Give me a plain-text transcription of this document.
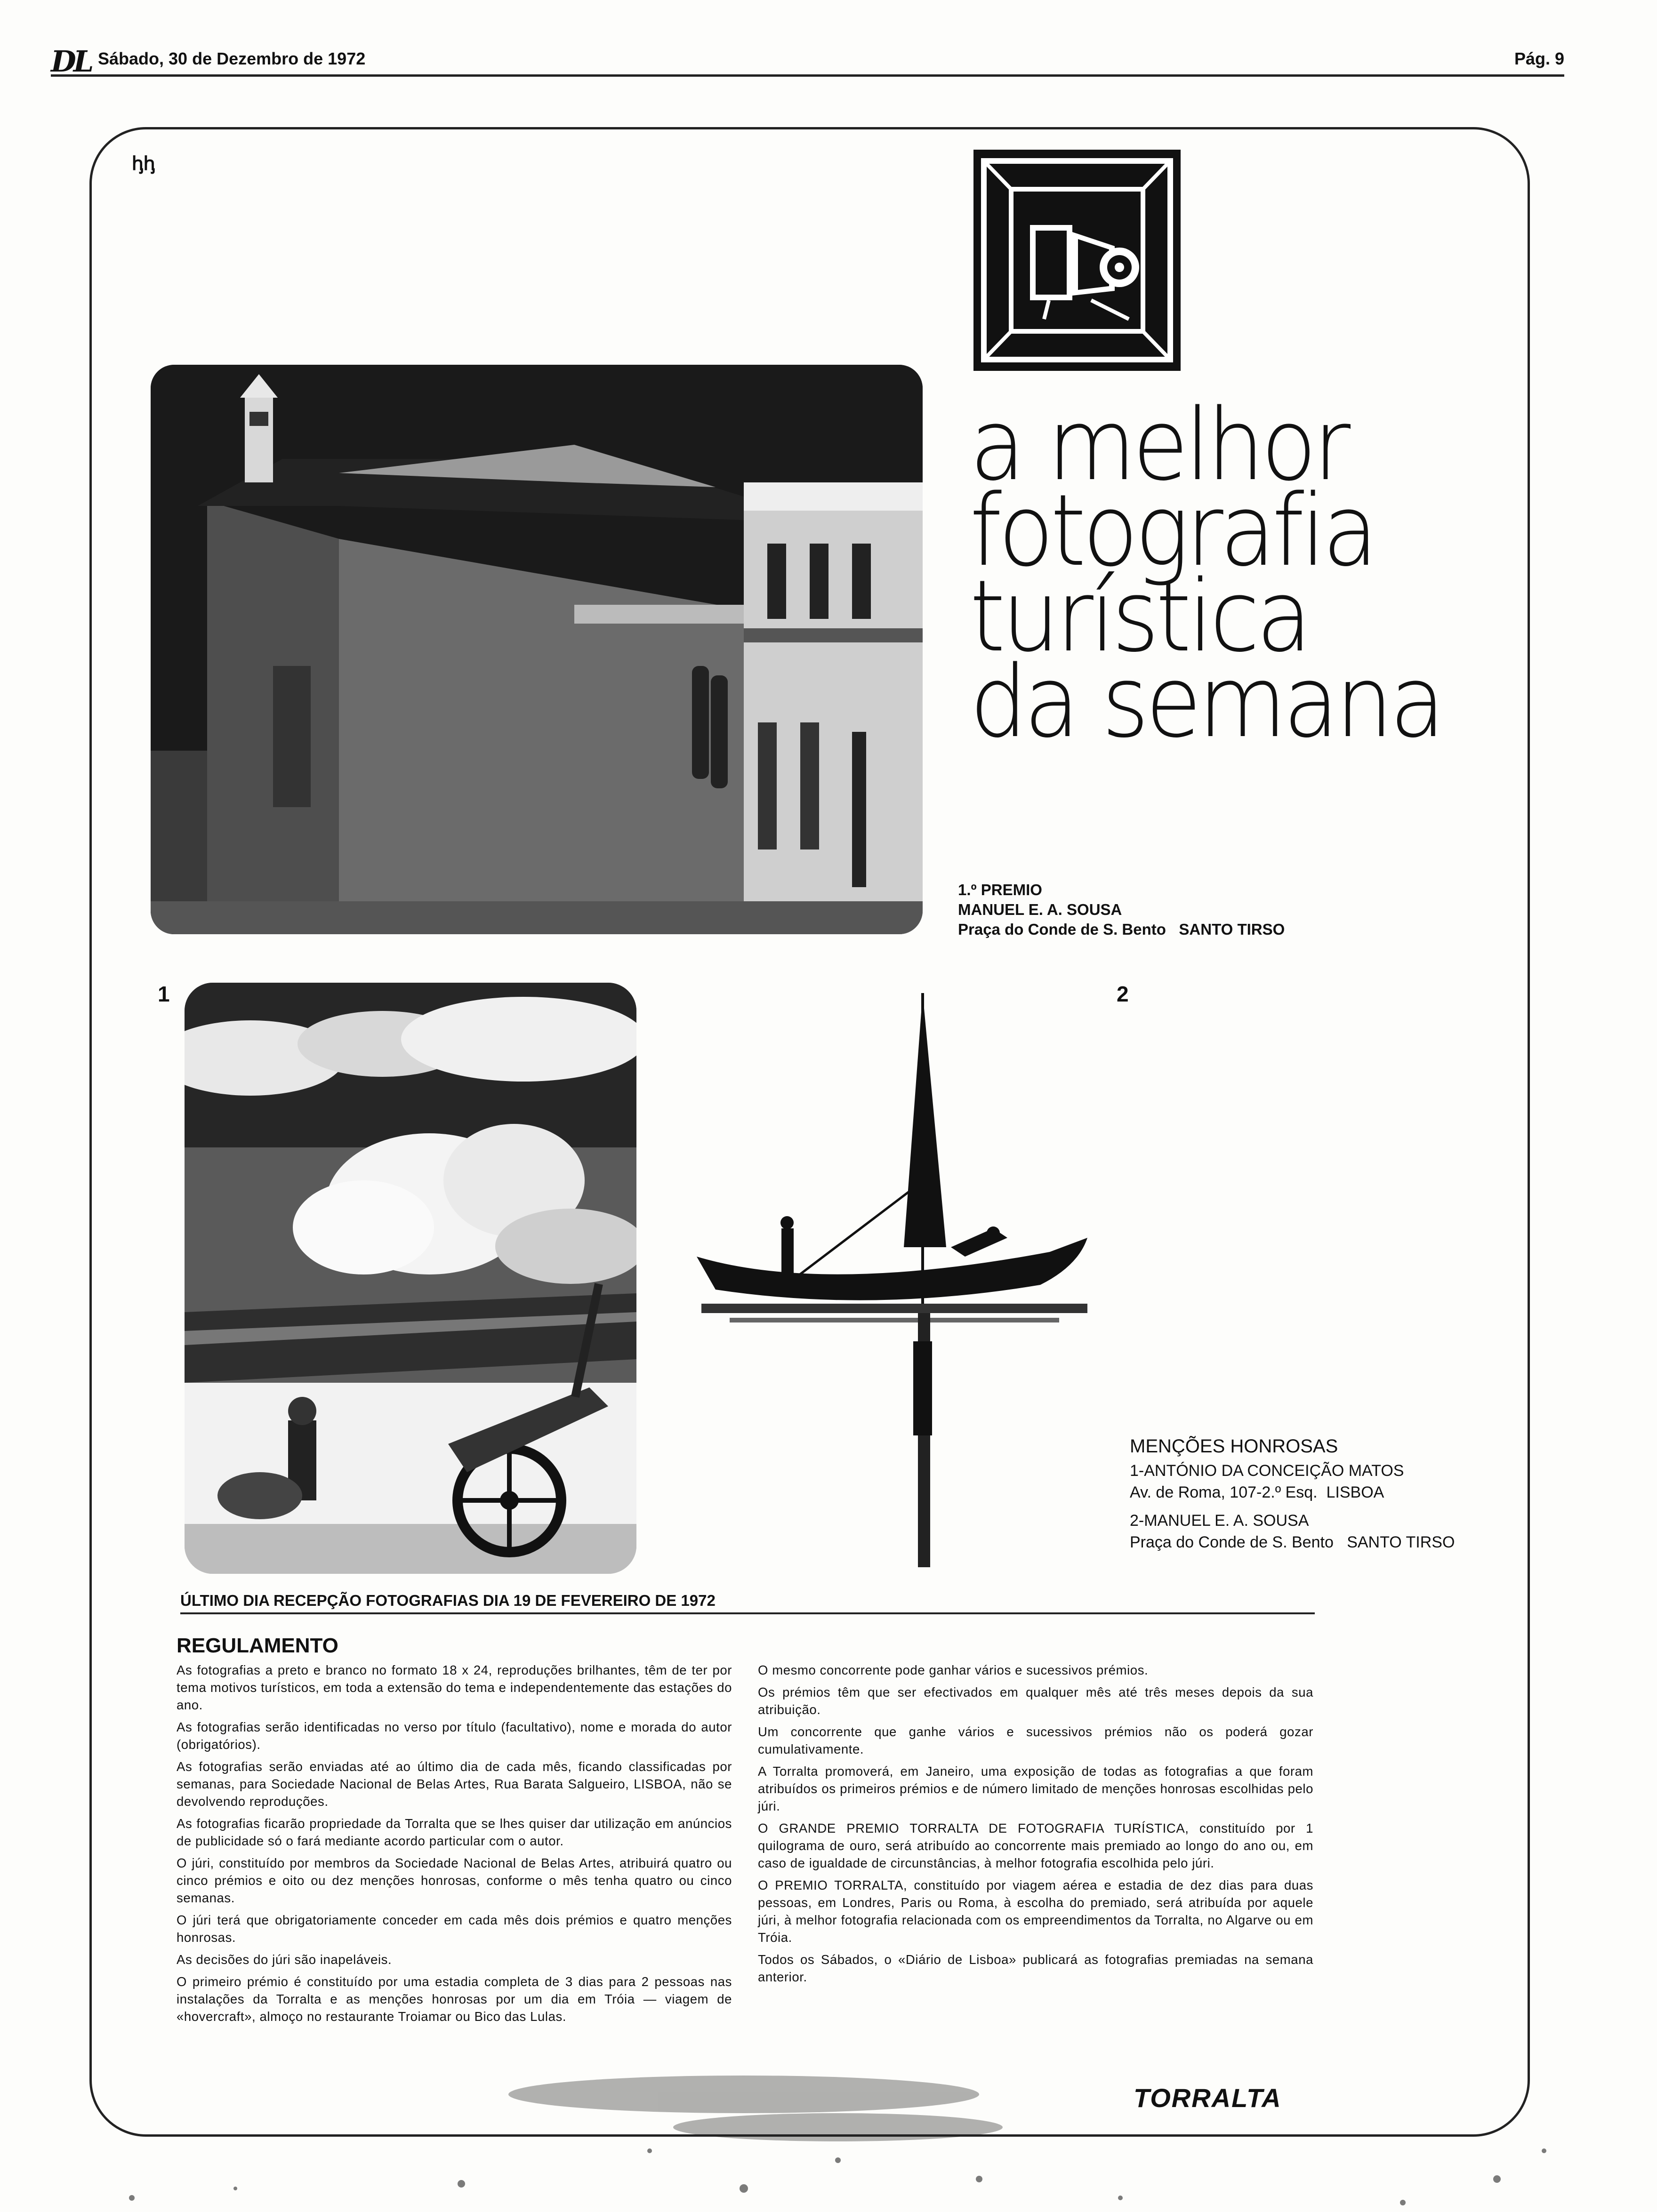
DL Sábado, 30 de Dezembro de 1972	Pág. 9
ꞕꞕ
a melhor
fotografia
turística
da semana
1.º PREMIO
MANUEL E. A. SOUSA
Praça do Conde de S. Bento   SANTO TIRSO
1	2
MENÇÕES HONROSAS
1-ANTÓNIO DA CONCEIÇÃO MATOS
Av. de Roma, 107-2.º Esq.  LISBOA
2-MANUEL E. A. SOUSA
Praça do Conde de S. Bento   SANTO TIRSO
ÚLTIMO DIA RECEPÇÃO FOTOGRAFIAS DIA 19 DE FEVEREIRO DE 1972
REGULAMENTO

As fotografias a preto e branco no formato 18 x 24, reproduções brilhantes, têm de ter por tema motivos turísticos, em toda a extensão do tema e independentemente das estações do ano.

As fotografias serão identificadas no verso por título (facultativo), nome e morada do autor (obrigatórios).

As fotografias serão enviadas até ao último dia de cada mês, ficando classificadas por semanas, para Sociedade Nacional de Belas Artes, Rua Barata Salgueiro, LISBOA, não se devolvendo reproduções.

As fotografias ficarão propriedade da Torralta que se lhes quiser dar utilização em anúncios de publicidade só o fará mediante acordo particular com o autor.

O júri, constituído por membros da Sociedade Nacional de Belas Artes, atribuirá quatro ou cinco prémios e oito ou dez menções honrosas, conforme o mês tenha quatro ou cinco semanas.

O júri terá que obrigatoriamente conceder em cada mês dois prémios e quatro menções honrosas.

As decisões do júri são inapeláveis.

O primeiro prémio é constituído por uma estadia completa de 3 dias para 2 pessoas nas instalações da Torralta e as menções honrosas por um dia em Tróia — viagem de «hovercraft», almoço no restaurante Troiamar ou Bico das Lulas.

O mesmo concorrente pode ganhar vários e sucessivos prémios.

Os prémios têm que ser efectivados em qualquer mês até três meses depois da sua atribuição.

Um concorrente que ganhe vários e sucessivos prémios não os poderá gozar cumulativamente.

A Torralta promoverá, em Janeiro, uma exposição de todas as fotografias a que foram atribuídos os primeiros prémios e de número limitado de menções honrosas escolhidas pelo júri.

O GRANDE PREMIO TORRALTA DE FOTOGRAFIA TURÍSTICA, constituído por 1 quilograma de ouro, será atribuído ao concorrente mais premiado ao longo do ano ou, em caso de igualdade de circunstâncias, à melhor fotografia escolhida pelo júri.

O PREMIO TORRALTA, constituído por viagem aérea e estadia de dez dias para duas pessoas, em Londres, Paris ou Roma, à escolha do premiado, será atribuída por aquele júri, à melhor fotografia relacionada com os empreendimentos da Torralta, no Algarve ou em Tróia.

Todos os Sábados, o «Diário de Lisboa» publicará as fotografias premiadas na semana anterior.

TORRALTA
